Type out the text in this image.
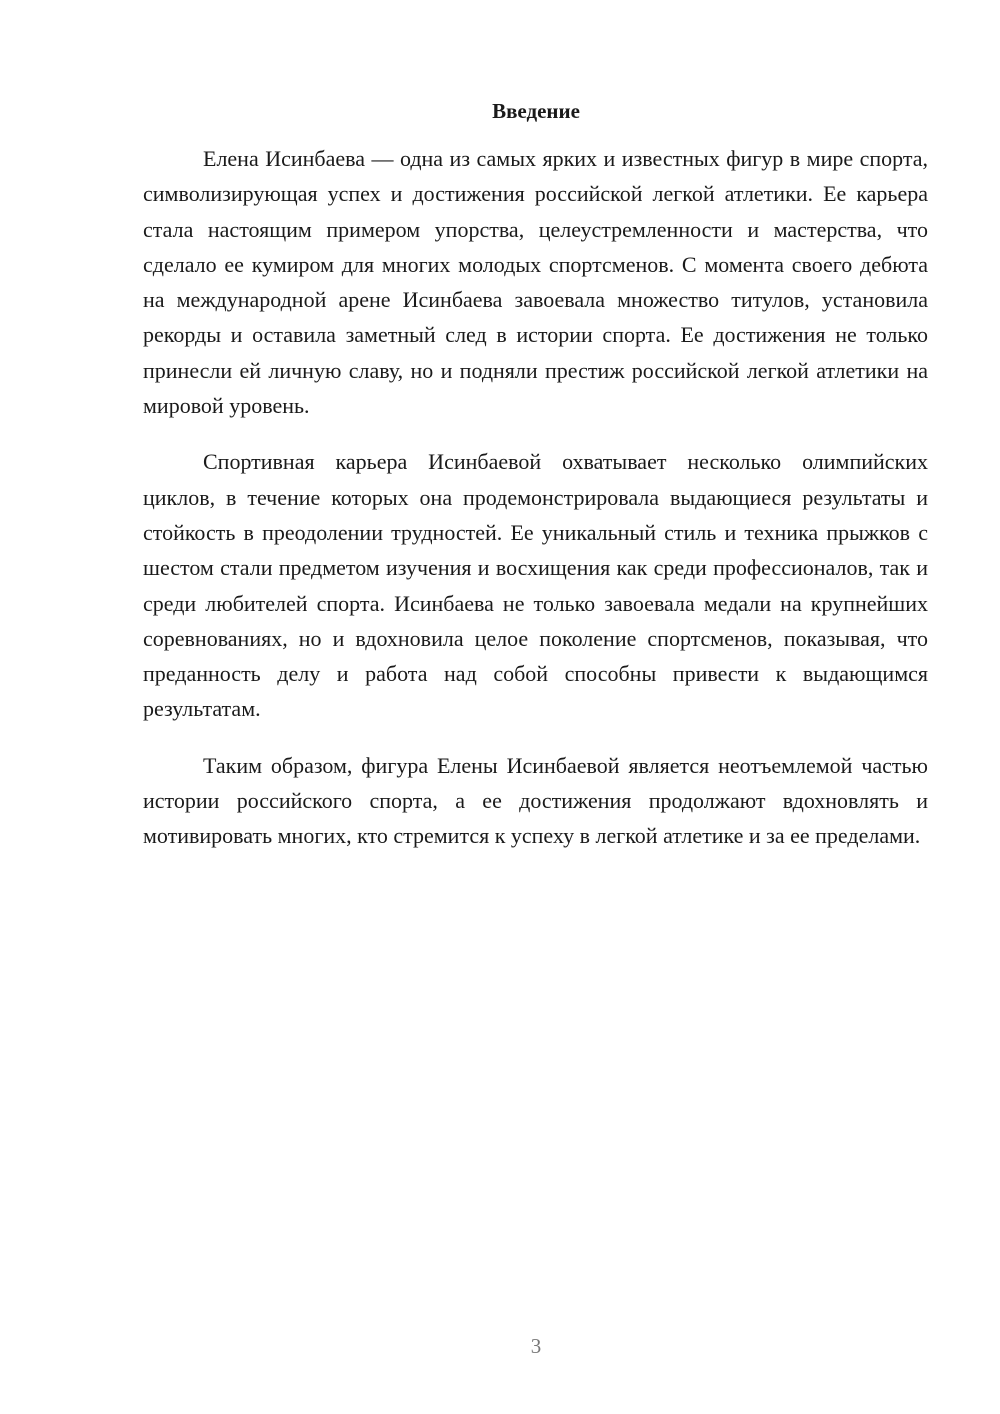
Введение

Елена Исинбаева — одна из самых ярких и известных фигур в мире спорта, символизирующая успех и достижения российской легкой атлетики. Ее карьера стала настоящим примером упорства, целеустремленности и мастерства, что сделало ее кумиром для многих молодых спортсменов. С момента своего дебюта на международной арене Исинбаева завоевала множество титулов, установила рекорды и оставила заметный след в истории спорта. Ее достижения не только принесли ей личную славу, но и подняли престиж российской легкой атлетики на мировой уровень.

Спортивная карьера Исинбаевой охватывает несколько олимпийских циклов, в течение которых она продемонстрировала выдающиеся результаты и стойкость в преодолении трудностей. Ее уникальный стиль и техника прыжков с шестом стали предметом изучения и восхищения как среди профессионалов, так и среди любителей спорта. Исинбаева не только завоевала медали на крупнейших соревнованиях, но и вдохновила целое поколение спортсменов, показывая, что преданность делу и работа над собой способны привести к выдающимся результатам.

Таким образом, фигура Елены Исинбаевой является неотъемлемой частью истории российского спорта, а ее достижения продолжают вдохновлять и мотивировать многих, кто стремится к успеху в легкой атлетике и за ее пределами.

3
